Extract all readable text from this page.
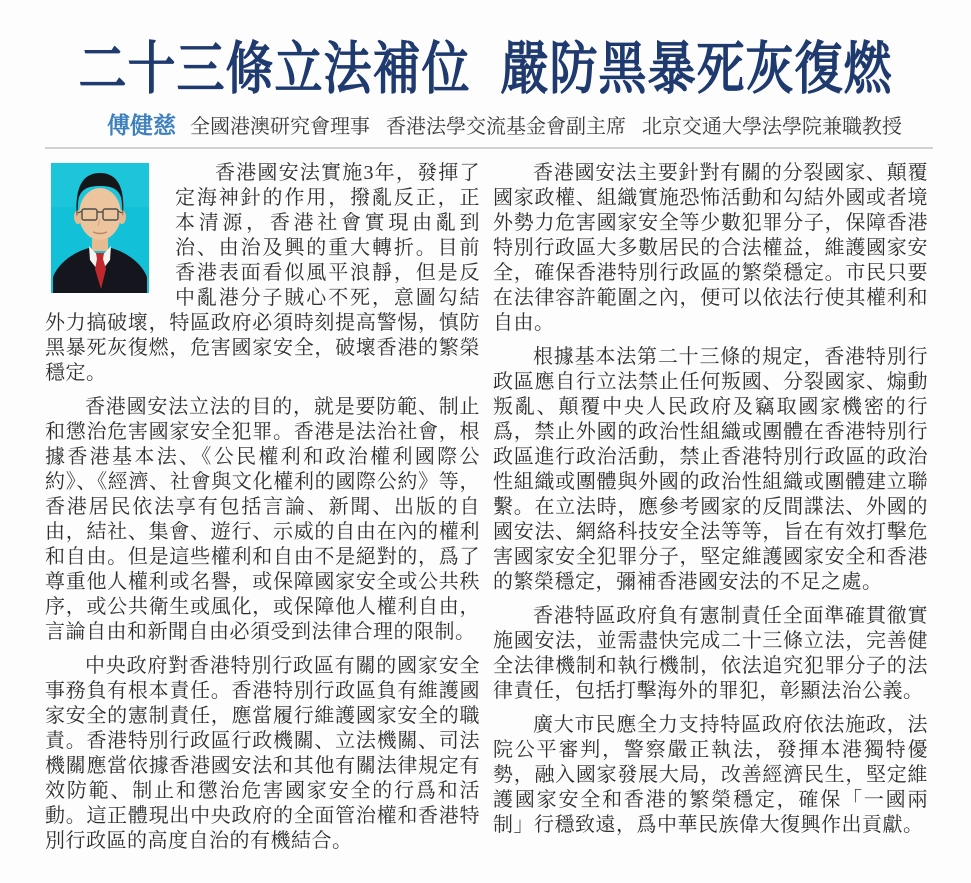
二十三條立法補位 嚴防黑暴死灰復燃
傅健慈 全國港澳研究會理事 香港法學交流基金會副主席 北京交通大學法學院兼職教授

香港國安法實施3年，發揮了定海神針的作用，撥亂反正，正本清源，香港社會實現由亂到治、由治及興的重大轉折。目前香港表面看似風平浪靜，但是反中亂港分子賊心不死，意圖勾結外力搞破壞，特區政府必須時刻提高警惕，慎防黑暴死灰復燃，危害國家安全，破壞香港的繁榮穩定。

香港國安法立法的目的，就是要防範、制止和懲治危害國家安全犯罪。香港是法治社會，根據香港基本法、《公民權利和政治權利國際公約》、《經濟、社會與文化權利的國際公約》等，香港居民依法享有包括言論、新聞、出版的自由，結社、集會、遊行、示威的自由在內的權利和自由。但是這些權利和自由不是絕對的，爲了尊重他人權利或名譽，或保障國家安全或公共秩序，或公共衛生或風化，或保障他人權利自由，言論自由和新聞自由必須受到法律合理的限制。

中央政府對香港特別行政區有關的國家安全事務負有根本責任。香港特別行政區負有維護國家安全的憲制責任，應當履行維護國家安全的職責。香港特別行政區行政機關、立法機關、司法機關應當依據香港國安法和其他有關法律規定有效防範、制止和懲治危害國家安全的行爲和活動。這正體現出中央政府的全面管治權和香港特別行政區的高度自治的有機結合。

香港國安法主要針對有關的分裂國家、顛覆國家政權、組織實施恐怖活動和勾結外國或者境外勢力危害國家安全等少數犯罪分子，保障香港特別行政區大多數居民的合法權益，維護國家安全，確保香港特別行政區的繁榮穩定。市民只要在法律容許範圍之內，便可以依法行使其權利和自由。

根據基本法第二十三條的規定，香港特別行政區應自行立法禁止任何叛國、分裂國家、煽動叛亂、顛覆中央人民政府及竊取國家機密的行爲，禁止外國的政治性組織或團體在香港特別行政區進行政治活動，禁止香港特別行政區的政治性組織或團體與外國的政治性組織或團體建立聯繫。在立法時，應參考國家的反間諜法、外國的國安法、網絡科技安全法等等，旨在有效打擊危害國家安全犯罪分子，堅定維護國家安全和香港的繁榮穩定，彌補香港國安法的不足之處。

香港特區政府負有憲制責任全面準確貫徹實施國安法，並需盡快完成二十三條立法，完善健全法律機制和執行機制，依法追究犯罪分子的法律責任，包括打擊海外的罪犯，彰顯法治公義。

廣大市民應全力支持特區政府依法施政，法院公平審判，警察嚴正執法，發揮本港獨特優勢，融入國家發展大局，改善經濟民生，堅定維護國家安全和香港的繁榮穩定，確保「一國兩制」行穩致遠，爲中華民族偉大復興作出貢獻。
